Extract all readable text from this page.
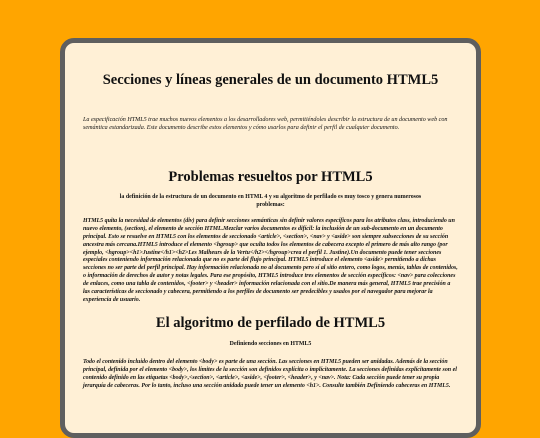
Secciones y líneas generales de un documento HTML5

La especificación HTML5 trae muchos nuevos elementos a los desarrolladores web, permitiéndoles describir la estructura de un documento web con semántica estandarizada. Este documento describe estos elementos y cómo usarlos para definir el perfil de cualquier documento.

Problemas resueltos por HTML5

la definición de la estructura de un documento en HTML 4 y su algoritmo de perfilado es muy tosco y genera numerosos problemas:

HTML5 quita la necesidad de elementos (div) para definir secciones semánticas sin definir valores específicos para los atributos class, introduciendo un nuevo elemento, (section), el elemento de sección HTML.Mezclar varios documentos es difícil: la inclusión de un sub-documento en un documento principal. Esto se resuelve en HTML5 con los elementos de seccionado <article>, <section>, <nav> y <aside> son siempre subsecciones de su sección ancestra más cercana.HTML5 introduce el elemento <hgroup> que oculta todos los elementos de cabecera excepto el primero de más alto rango (por ejemplo, <hgroup><h1>Justine</h1><h2>Les Malheurs de la Vertu</h2></hgroup>crea el perfil 1. Justine).Un documento puede tener secciones especiales conteniendo información relacionada que no es parte del flujo principal. HTML5 introduce el elemento <aside> permitiendo a dichas secciones no ser parte del perfil principal. Hay información relacionada no al documento pero sí al sitio entero, como logos, menús, tablas de contenidos, o información de derechos de autor y notas legales. Para ese propósito, HTML5 introduce tres elementos de sección específicos: <nav> para colecciones de enlaces, como una tabla de contenidos, <footer> y <header> información relacionada con el sitio.De manera más general, HTML5 trae precisión a las características de seccionado y cabecera, permitiendo a los perfiles de documento ser predecibles y usados por el navegador para mejorar la experiencia de usuario.

El algoritmo de perfilado de HTML5

Definiendo secciones en HTML5

Todo el contenido incluido dentro del elemento <body> es parte de una sección. Las secciones en HTML5 pueden ser anidadas. Además de la sección principal, definida por el elemento <body>, los límites de la sección son definidos explícita o implícitamente. La secciones definidas explícitamente son el contenido definido en las etiquetas <body>,<section>, <article>, <aside>, <footer>, <header>, y <nav>. Nota: Cada sección puede tener su propia jerarquía de cabeceras. Por lo tanto, incluso una sección anidada puede tener un elemento <h1>. Consulte también Definiendo cabeceras en HTML5.
